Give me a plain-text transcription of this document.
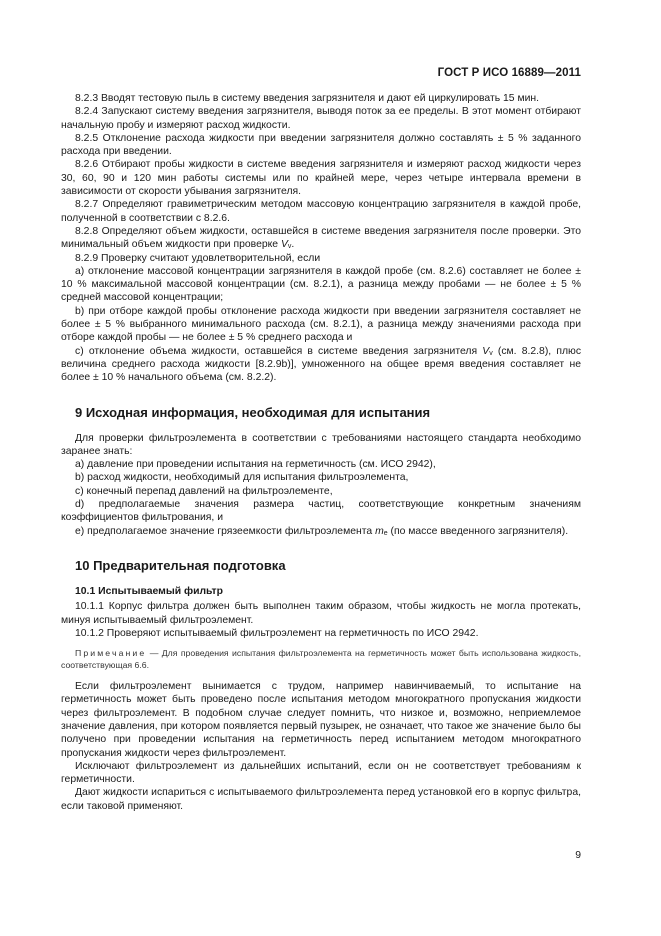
ГОСТ Р ИСО 16889—2011

8.2.3 Вводят тестовую пыль в систему введения загрязнителя и дают ей циркулировать 15 мин.

8.2.4 Запускают систему введения загрязнителя, выводя поток за ее пределы. В этот момент отбирают начальную пробу и измеряют расход жидкости.

8.2.5 Отклонение расхода жидкости при введении загрязнителя должно составлять ± 5 % заданного расхода при введении.

8.2.6 Отбирают пробы жидкости в системе введения загрязнителя и измеряют расход жидкости через 30, 60, 90 и 120 мин работы системы или по крайней мере, через четыре интервала времени в зависимости от скорости убывания загрязнителя.

8.2.7 Определяют гравиметрическим методом массовую концентрацию загрязнителя в каждой пробе, полученной в соответствии с 8.2.6.

8.2.8 Определяют объем жидкости, оставшейся в системе введения загрязнителя после проверки. Это минимальный объем жидкости при проверке $V_v$.

8.2.9 Проверку считают удовлетворительной, если

а) отклонение массовой концентрации загрязнителя в каждой пробе (см. 8.2.6) составляет не более ± 10 % максимальной массовой концентрации (см. 8.2.1), а разница между пробами — не более ± 5 % средней массовой концентрации;

b) при отборе каждой пробы отклонение расхода жидкости при введении загрязнителя составляет не более ± 5 % выбранного минимального расхода (см. 8.2.1), а разница между значениями расхода при отборе каждой пробы — не более ± 5 % среднего расхода и

с) отклонение объема жидкости, оставшейся в системе введения загрязнителя $V_v$ (см. 8.2.8), плюс величина среднего расхода жидкости [8.2.9b)], умноженного на общее время введения составляет не более ± 10 % начального объема (см. 8.2.2).

9 Исходная информация, необходимая для испытания

Для проверки фильтроэлемента в соответствии с требованиями настоящего стандарта необходимо заранее знать:

а) давление при проведении испытания на герметичность (см. ИСО 2942),

b) расход жидкости, необходимый для испытания фильтроэлемента,

с) конечный перепад давлений на фильтроэлементе,

d) предполагаемые значения размера частиц, соответствующие конкретным значениям коэффициентов фильтрования, и

е) предполагаемое значение грязеемкости фильтроэлемента $m_e$ (по массе введенного загрязнителя).

10 Предварительная подготовка
10.1 Испытываемый фильтр

10.1.1 Корпус фильтра должен быть выполнен таким образом, чтобы жидкость не могла протекать, минуя испытываемый фильтроэлемент.

10.1.2 Проверяют испытываемый фильтроэлемент на герметичность по ИСО 2942.

Примечание — Для проведения испытания фильтроэлемента на герметичность может быть использована жидкость, соответствующая 6.6.

Если фильтроэлемент вынимается с трудом, например навинчиваемый, то испытание на герметичность может быть проведено после испытания методом многократного пропускания жидкости через фильтроэлемент. В подобном случае следует помнить, что низкое и, возможно, неприемлемое значение давления, при котором появляется первый пузырек, не означает, что такое же значение было бы получено при проведении испытания на герметичность перед испытанием методом многократного пропускания жидкости через фильтроэлемент.

Исключают фильтроэлемент из дальнейших испытаний, если он не соответствует требованиям к герметичности.

Дают жидкости испариться с испытываемого фильтроэлемента перед установкой его в корпус фильтра, если таковой применяют.

9
